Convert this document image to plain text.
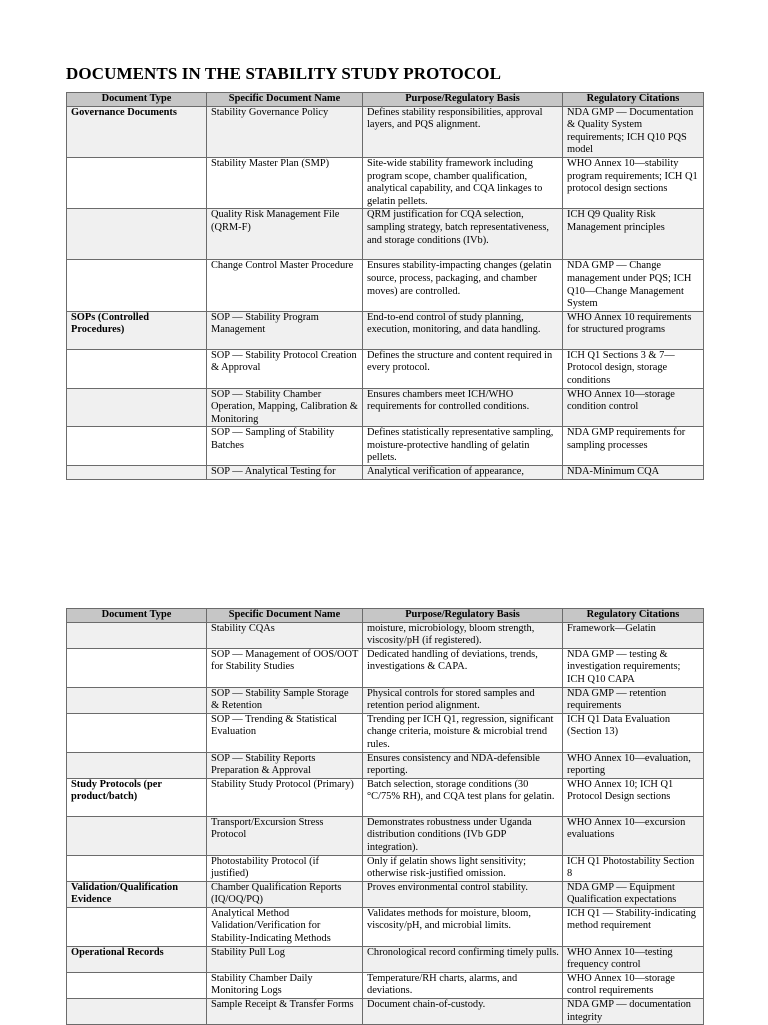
DOCUMENTS IN THE STABILITY STUDY PROTOCOL
Document Type	Specific Document Name	Purpose/Regulatory Basis	Regulatory Citations
Governance Documents	Stability Governance Policy	Defines stability responsibilities, approval layers, and PQS alignment.	NDA GMP — Documentation & Quality System requirements; ICH Q10 PQS model
	Stability Master Plan (SMP)	Site-wide stability framework including program scope, chamber qualification, analytical capability, and CQA linkages to gelatin pellets.	WHO Annex 10—stability program requirements; ICH Q1 protocol design sections
	Quality Risk Management File (QRM-F)	QRM justification for CQA selection, sampling strategy, batch representativeness, and storage conditions (IVb).	ICH Q9 Quality Risk Management principles
	Change Control Master Procedure	Ensures stability-impacting changes (gelatin source, process, packaging, and chamber moves) are controlled.	NDA GMP — Change management under PQS; ICH Q10—Change Management System
SOPs (Controlled Procedures)	SOP — Stability Program Management	End-to-end control of study planning, execution, monitoring, and data handling.	WHO Annex 10 requirements for structured programs
	SOP — Stability Protocol Creation & Approval	Defines the structure and content required in every protocol.	ICH Q1 Sections 3 & 7—Protocol design, storage conditions
	SOP — Stability Chamber Operation, Mapping, Calibration & Monitoring	Ensures chambers meet ICH/WHO requirements for controlled conditions.	WHO Annex 10—storage condition control
	SOP — Sampling of Stability Batches	Defines statistically representative sampling, moisture-protective handling of gelatin pellets.	NDA GMP requirements for sampling processes
	SOP — Analytical Testing for	Analytical verification of appearance,	NDA-Minimum CQA
Document Type	Specific Document Name	Purpose/Regulatory Basis	Regulatory Citations
	Stability CQAs	moisture, microbiology, bloom strength, viscosity/pH (if registered).	Framework—Gelatin
	SOP — Management of OOS/OOT for Stability Studies	Dedicated handling of deviations, trends, investigations & CAPA.	NDA GMP — testing & investigation requirements; ICH Q10 CAPA
	SOP — Stability Sample Storage & Retention	Physical controls for stored samples and retention period alignment.	NDA GMP — retention requirements
	SOP — Trending & Statistical Evaluation	Trending per ICH Q1, regression, significant change criteria, moisture & microbial trend rules.	ICH Q1 Data Evaluation (Section 13)
	SOP — Stability Reports Preparation & Approval	Ensures consistency and NDA-defensible reporting.	WHO Annex 10—evaluation, reporting
Study Protocols (per product/batch)	Stability Study Protocol (Primary)	Batch selection, storage conditions (30 °C/75% RH), and CQA test plans for gelatin.	WHO Annex 10; ICH Q1 Protocol Design sections
	Transport/Excursion Stress Protocol	Demonstrates robustness under Uganda distribution conditions (IVb GDP integration).	WHO Annex 10—excursion evaluations
	Photostability Protocol (if justified)	Only if gelatin shows light sensitivity; otherwise risk-justified omission.	ICH Q1 Photostability Section 8
Validation/Qualification Evidence	Chamber Qualification Reports (IQ/OQ/PQ)	Proves environmental control stability.	NDA GMP — Equipment Qualification expectations
	Analytical Method Validation/Verification for Stability-Indicating Methods	Validates methods for moisture, bloom, viscosity/pH, and microbial limits.	ICH Q1 — Stability-indicating method requirement
Operational Records	Stability Pull Log	Chronological record confirming timely pulls.	WHO Annex 10—testing frequency control
	Stability Chamber Daily Monitoring Logs	Temperature/RH charts, alarms, and deviations.	WHO Annex 10—storage control requirements
	Sample Receipt & Transfer Forms	Document chain-of-custody.	NDA GMP — documentation integrity
